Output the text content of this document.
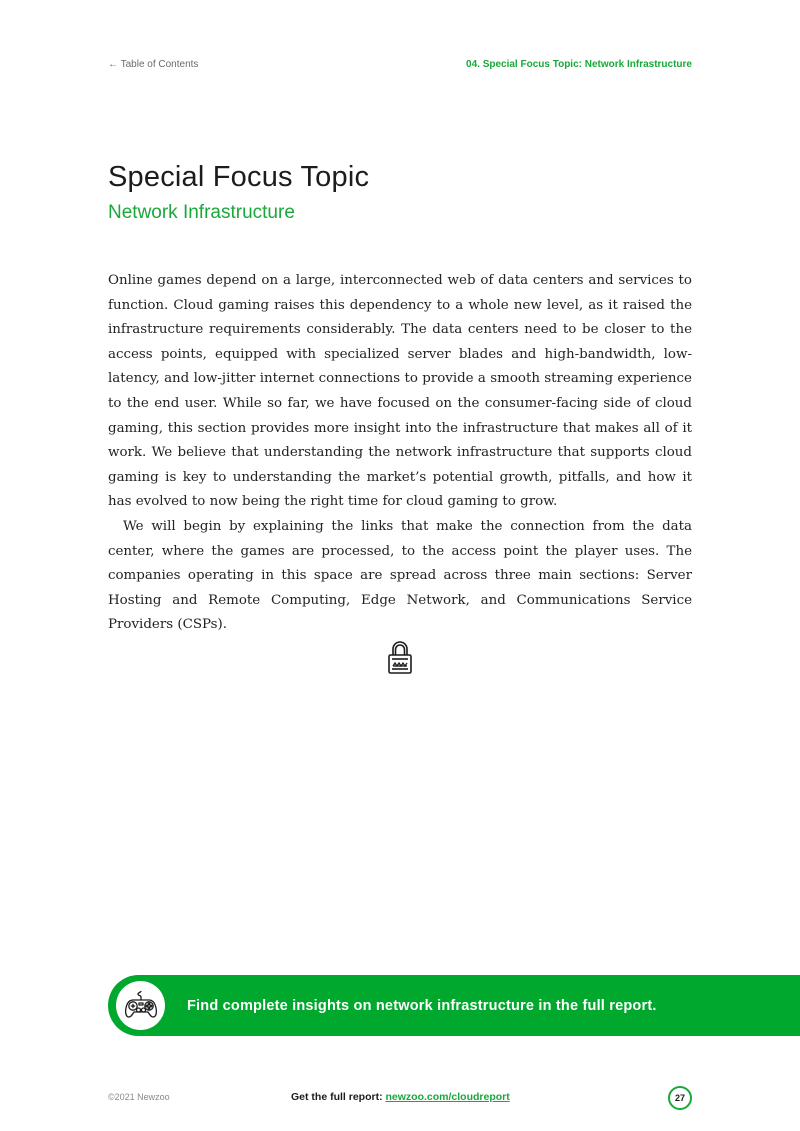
← Table of Contents	04. Special Focus Topic: Network Infrastructure
Special Focus Topic
Network Infrastructure

Online games depend on a large, interconnected web of data centers and services to function. Cloud gaming raises this dependency to a whole new level, as it raised the infrastructure requirements considerably. The data centers need to be closer to the access points, equipped with specialized server blades and high-bandwidth, low-latency, and low-jitter internet connections to provide a smooth streaming experience to the end user. While so far, we have focused on the consumer-facing side of cloud gaming, this section provides more insight into the infrastructure that makes all of it work. We believe that understanding the network infrastructure that supports cloud gaming is key to understanding the market’s potential growth, pitfalls, and how it has evolved to now being the right time for cloud gaming to grow.

We will begin by explaining the links that make the connection from the data center, where the games are processed, to the access point the player uses. The companies operating in this space are spread across three main sections: Server Hosting and Remote Computing, Edge Network, and Communications Service Providers (CSPs).

Find complete insights on network infrastructure in the full report.
©2021 Newzoo	Get the full report: newzoo.com/cloudreport	27
